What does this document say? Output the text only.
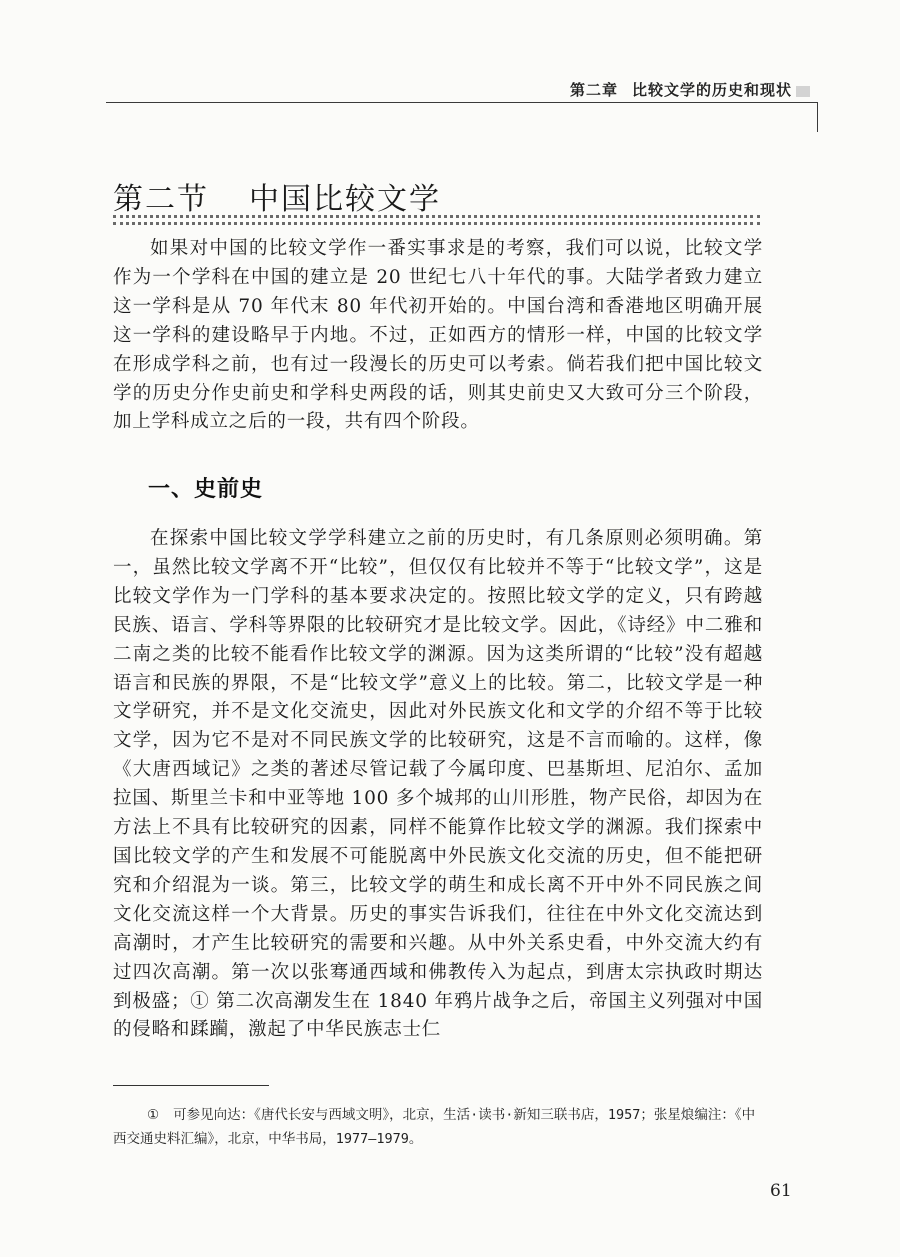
第二章 比较文学的历史和现状
第二节 中国比较文学

如果对中国的比较文学作一番实事求是的考察，我们可以说，比较文学作为一个学科在中国的建立是 20 世纪七八十年代的事。大陆学者致力建立这一学科是从 70 年代末 80 年代初开始的。中国台湾和香港地区明确开展这一学科的建设略早于内地。不过，正如西方的情形一样，中国的比较文学在形成学科之前，也有过一段漫长的历史可以考索。倘若我们把中国比较文学的历史分作史前史和学科史两段的话，则其史前史又大致可分三个阶段，加上学科成立之后的一段，共有四个阶段。

一、史前史

在探索中国比较文学学科建立之前的历史时，有几条原则必须明确。第一，虽然比较文学离不开“比较”，但仅仅有比较并不等于“比较文学”，这是比较文学作为一门学科的基本要求决定的。按照比较文学的定义，只有跨越民族、语言、学科等界限的比较研究才是比较文学。因此，《诗经》中二雅和二南之类的比较不能看作比较文学的渊源。因为这类所谓的“比较”没有超越语言和民族的界限，不是“比较文学”意义上的比较。第二，比较文学是一种文学研究，并不是文化交流史，因此对外民族文化和文学的介绍不等于比较文学，因为它不是对不同民族文学的比较研究，这是不言而喻的。这样，像《大唐西域记》之类的著述尽管记载了今属印度、巴基斯坦、尼泊尔、孟加拉国、斯里兰卡和中亚等地 100 多个城邦的山川形胜，物产民俗，却因为在方法上不具有比较研究的因素，同样不能算作比较文学的渊源。我们探索中国比较文学的产生和发展不可能脱离中外民族文化交流的历史，但不能把研究和介绍混为一谈。第三，比较文学的萌生和成长离不开中外不同民族之间文化交流这样一个大背景。历史的事实告诉我们，往往在中外文化交流达到高潮时，才产生比较研究的需要和兴趣。从中外关系史看，中外交流大约有过四次高潮。第一次以张骞通西域和佛教传入为起点，到唐太宗执政时期达到极盛；① 第二次高潮发生在 1840 年鸦片战争之后，帝国主义列强对中国的侵略和蹂躏，激起了中华民族志士仁

① 可参见向达：《唐代长安与西域文明》，北京，生活·读书·新知三联书店，1957；张星烺编注：《中西交通史料汇编》，北京，中华书局，1977—1979。

61
